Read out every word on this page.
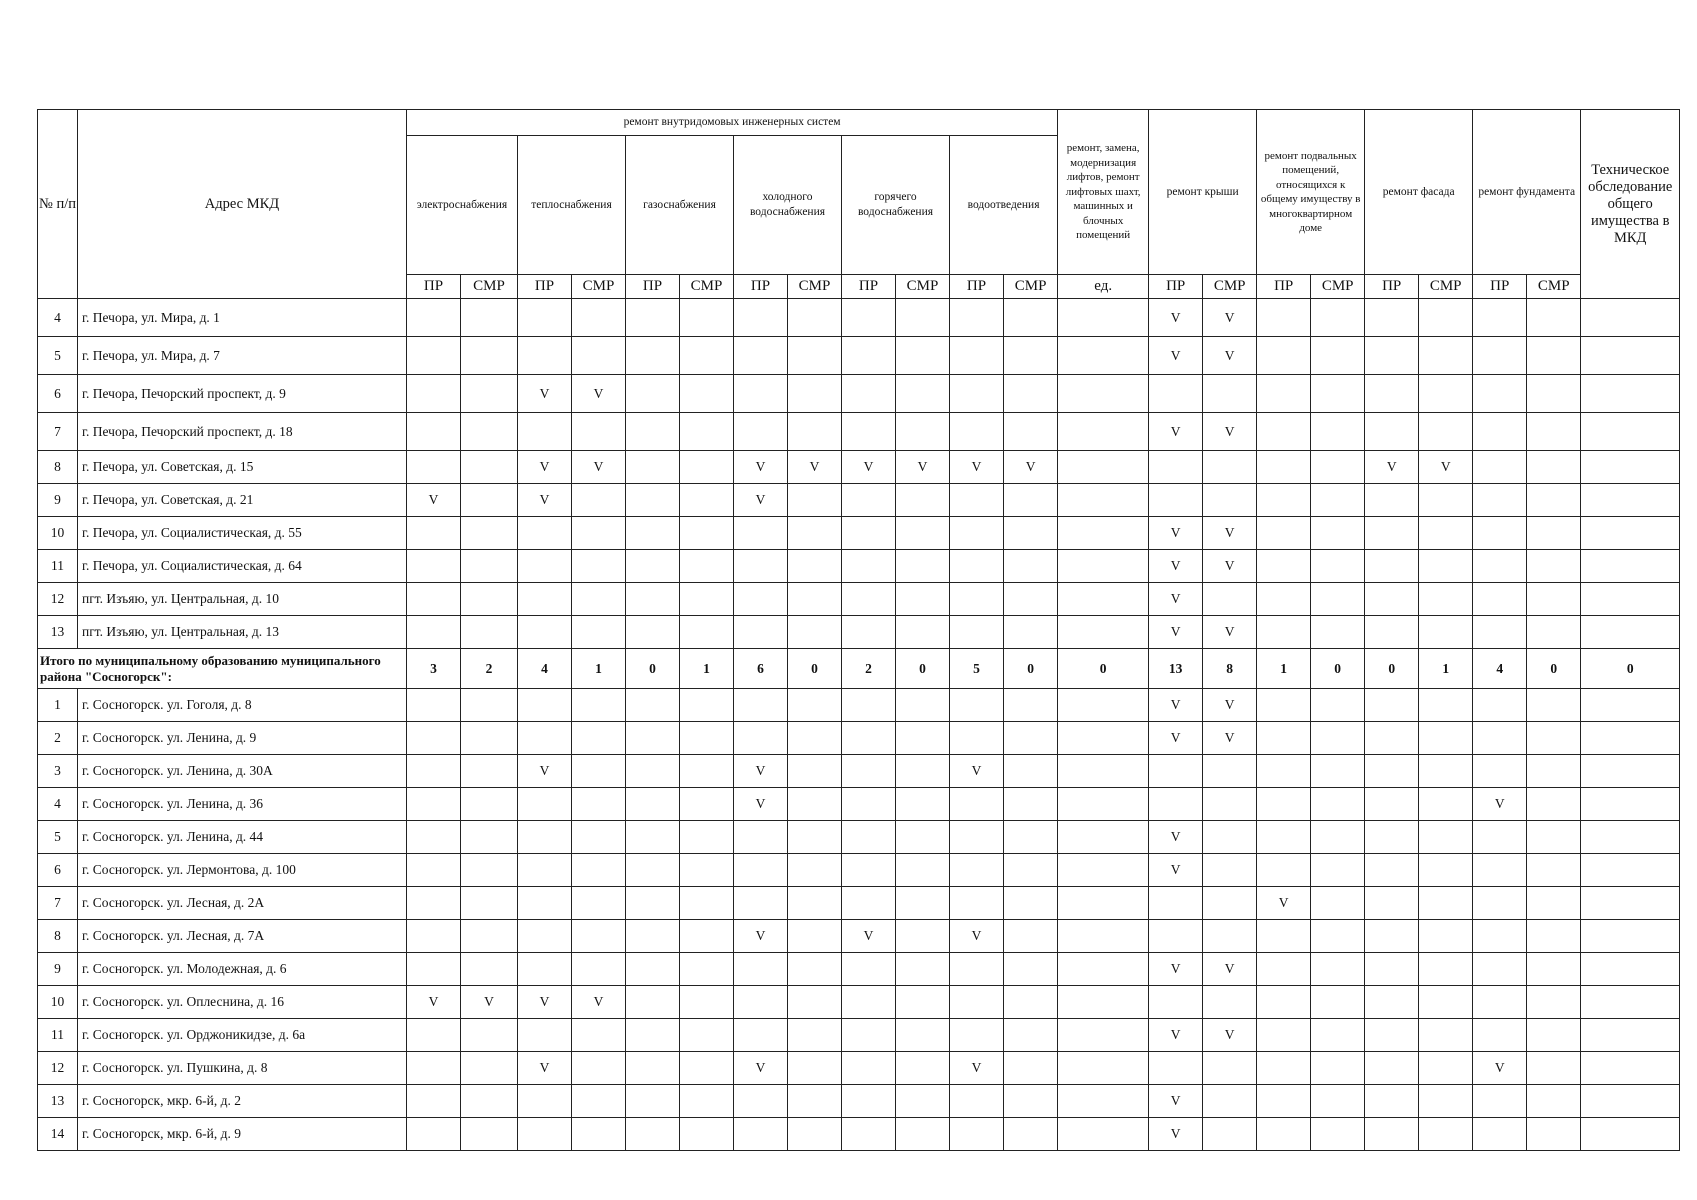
№ п/п	Адрес МКД	ремонт внутридомовых инженерных систем												ремонт, замена, модернизация лифтов, ремонт лифтовых шахт, машинных и блочных помещений	ремонт крыши		ремонт подвальных помещений, относящихся к общему имуществу в многоквартирном доме		ремонт фасада		ремонт фундамента		Техническое обследование общего имущества в МКД
		электроснабжения		теплоснабжения		газоснабжения		холодного водоснабжения		горячего водоснабжения		водоотведения											
		ПР	СМР	ПР	СМР	ПР	СМР	ПР	СМР	ПР	СМР	ПР	СМР	ед.	ПР	СМР	ПР	СМР	ПР	СМР	ПР	СМР	
4	г. Печора, ул. Мира, д. 1														V	V							
5	г. Печора, ул. Мира, д. 7														V	V							
6	г. Печора, Печорский проспект, д. 9			V	V																		
7	г. Печора, Печорский проспект, д. 18														V	V							
8	г. Печора, ул. Советская, д. 15			V	V			V	V	V	V	V	V						V	V			
9	г. Печора, ул. Советская, д. 21	V		V				V															
10	г. Печора, ул. Социалистическая, д. 55														V	V							
11	г. Печора, ул. Социалистическая, д. 64														V	V							
12	пгт. Изъяю, ул. Центральная, д. 10														V								
13	пгт. Изъяю, ул. Центральная, д. 13														V	V							
Итого по муниципальному образованию муниципального района "Сосногорск":		3	2	4	1	0	1	6	0	2	0	5	0	0	13	8	1	0	0	1	4	0	0
1	г. Сосногорск. ул. Гоголя, д. 8														V	V							
2	г. Сосногорск. ул. Ленина, д. 9														V	V							
3	г. Сосногорск. ул. Ленина, д. 30А			V				V				V											
4	г. Сосногорск. ул. Ленина, д. 36							V													V		
5	г. Сосногорск. ул. Ленина, д. 44														V								
6	г. Сосногорск. ул. Лермонтова, д. 100														V								
7	г. Сосногорск. ул. Лесная, д. 2А																V						
8	г. Сосногорск. ул. Лесная, д. 7А							V		V		V											
9	г. Сосногорск. ул. Молодежная, д. 6														V	V							
10	г. Сосногорск. ул. Оплеснина, д. 16	V	V	V	V																		
11	г. Сосногорск. ул. Орджоникидзе, д. 6а														V	V							
12	г. Сосногорск. ул. Пушкина, д. 8			V				V				V									V		
13	г. Сосногорск, мкр. 6-й, д. 2														V								
14	г. Сосногорск, мкр. 6-й, д. 9														V								
